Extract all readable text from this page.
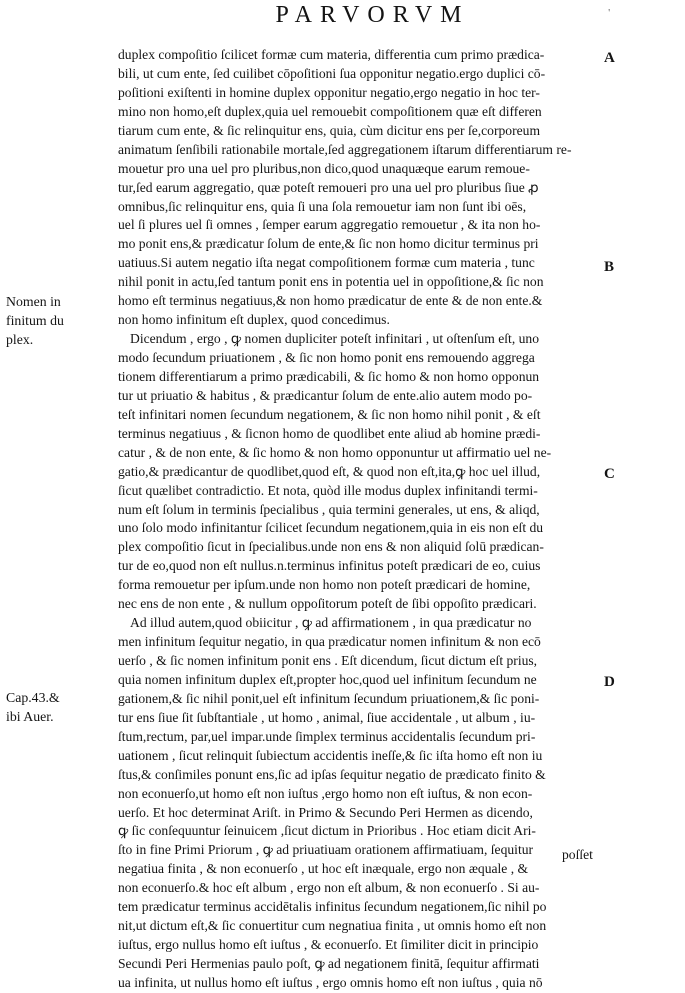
'
PARVORVM
duplex compoſitio ſcilicet formæ cum materia, differentia cum primo prædica-
bili, ut cum ente, ſed cuilibet cōpoſitioni ſua opponitur negatio.ergo duplici cō-
poſitioni exiſtenti in homine duplex opponitur negatio,ergo negatio in hoc ter-
mino non homo,eſt duplex,quia uel remouebit compoſitionem quæ eſt differen
tiarum cum ente, & ſic relinquitur ens, quia, cùm dicitur ens per ſe,corporeum
animatum ſenſibili rationabile mortale,ſed aggregationem iſtarum differentiarum re-
mouetur pro una uel pro pluribus,non dico,quod unaquæque earum remoue-
tur,ſed earum aggregatio, quæ poteſt remoueri pro una uel pro pluribus ſiue ꝓ
omnibus,ſic relinquitur ens, quia ſi una ſola remouetur iam non ſunt ibi oēs,
uel ſi plures uel ſi omnes , ſemper earum aggregatio remouetur , & ita non ho-
mo ponit ens,& prædicatur ſolum de ente,& ſic non homo dicitur terminus pri
uatiuus.Si autem negatio iſta negat compoſitionem formæ cum materia , tunc
nihil ponit in actu,ſed tantum ponit ens in potentia uel in oppoſitione,& ſic non
homo eſt terminus negatiuus,& non homo prædicatur de ente & de non ente.&
non homo infinitum eſt duplex, quod concedimus.
Dicendum , ergo , ꝙ nomen dupliciter poteſt infinitari , ut oſtenſum eſt, uno
modo ſecundum priuationem , & ſic non homo ponit ens remouendo aggrega
tionem differentiarum a primo prædicabili, & ſic homo & non homo opponun
tur ut priuatio & habitus , & prædicantur ſolum de ente.alio autem modo po-
teſt infinitari nomen ſecundum negationem, & ſic non homo nihil ponit , & eſt
terminus negatiuus , & ſicnon homo de quodlibet ente aliud ab homine prædi-
catur , & de non ente, & ſic homo & non homo opponuntur ut affirmatio uel ne-
gatio,& prædicantur de quodlibet,quod eſt, & quod non eſt,ita,ꝙ hoc uel illud,
ſicut quælibet contradictio. Et nota, quòd ille modus duplex infinitandi termi-
num eſt ſolum in terminis ſpecialibus , quia termini generales, ut ens, & aliqd,
uno ſolo modo infinitantur ſcilicet ſecundum negationem,quia in eis non eſt du
plex compoſitio ſicut in ſpecialibus.unde non ens & non aliquid ſolū prædican-
tur de eo,quod non eſt nullus.n.terminus infinitus poteſt prædicari de eo, cuius
forma remouetur per ipſum.unde non homo non poteſt prædicari de homine,
nec ens de non ente , & nullum oppoſitorum poteſt de ſibi oppoſito prædicari.
Ad illud autem,quod obiicitur , ꝙ ad affirmationem , in qua prædicatur no
men infinitum ſequitur negatio, in qua prædicatur nomen infinitum & non ecō
uerſo , & ſic nomen infinitum ponit ens . Eſt dicendum, ſicut dictum eſt prius,
quia nomen infinitum duplex eſt,propter hoc,quod uel infinitum ſecundum ne
gationem,& ſic nihil ponit,uel eſt infinitum ſecundum priuationem,& ſic poni-
tur ens ſiue ſit ſubſtantiale , ut homo , animal, ſiue accidentale , ut album , iu-
ſtum,rectum, par,uel impar.unde ſimplex terminus accidentalis ſecundum pri-
uationem , ſicut relinquit ſubiectum accidentis ineſſe,& ſic iſta homo eſt non iu
ſtus,& conſimiles ponunt ens,ſic ad ipſas ſequitur negatio de prædicato finito &
non econuerſo,ut homo eſt non iuſtus ,ergo homo non eſt iuſtus, & non econ-
uerſo. Et hoc determinat Ariſt. in Primo & Secundo Peri Hermen as dicendo,
ꝙ ſic conſequuntur ſeinuicem ,ſicut dictum in Prioribus . Hoc etiam dicit Ari-
ſto in fine Primi Priorum , ꝙ ad priuatiuam orationem affirmatiuam, ſequitur
negatiua finita , & non econuerſo , ut hoc eſt inæquale, ergo non æquale , &
non econuerſo.& hoc eſt album , ergo non eſt album, & non econuerſo . Si au-
tem prædicatur terminus accidētalis infinitus ſecundum negationem,ſic nihil po
nit,ut dictum eſt,& ſic conuertitur cum negnatiua finita , ut omnis homo eſt non
iuſtus, ergo nullus homo eſt iuſtus , & econuerſo. Et ſimiliter dicit in principio
Secundi Peri Hermenias paulo poſt, ꝙ ad negationem finitā, ſequitur affirmati
ua infinita, ut nullus homo eſt iuſtus , ergo omnis homo eſt non iuſtus , quia nō
Nomen in
finitum du
plex.
Cap.43.&
ibi Auer.
A
B
C
D
poſſet
